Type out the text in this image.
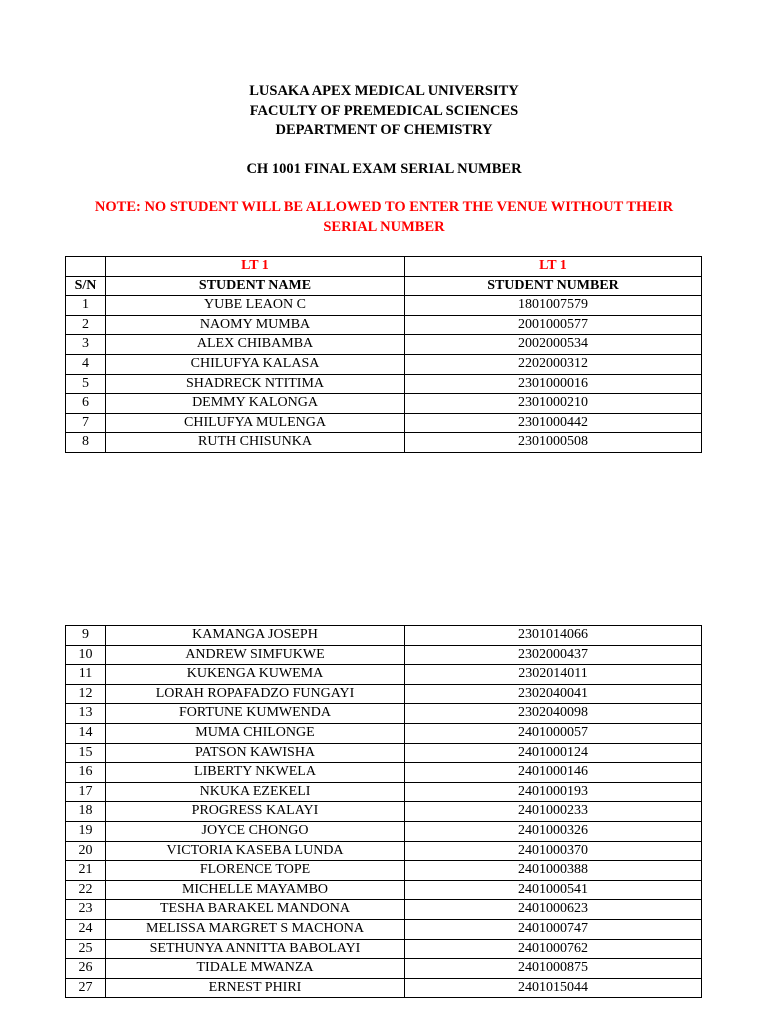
LUSAKA APEX MEDICAL UNIVERSITY
FACULTY OF PREMEDICAL SCIENCES
DEPARTMENT OF CHEMISTRY
CH 1001 FINAL EXAM SERIAL NUMBER
NOTE: NO STUDENT WILL BE ALLOWED TO ENTER THE VENUE WITHOUT THEIR
SERIAL NUMBER
	LT 1	LT 1
S/N	STUDENT NAME	STUDENT NUMBER
1	YUBE LEAON C	1801007579
2	NAOMY MUMBA	2001000577
3	ALEX CHIBAMBA	2002000534
4	CHILUFYA KALASA	2202000312
5	SHADRECK NTITIMA	2301000016
6	DEMMY KALONGA	2301000210
7	CHILUFYA MULENGA	2301000442
8	RUTH CHISUNKA	2301000508
9	KAMANGA JOSEPH	2301014066
10	ANDREW SIMFUKWE	2302000437
11	KUKENGA KUWEMA	2302014011
12	LORAH ROPAFADZO FUNGAYI	2302040041
13	FORTUNE KUMWENDA	2302040098
14	MUMA CHILONGE	2401000057
15	PATSON KAWISHA	2401000124
16	LIBERTY NKWELA	2401000146
17	NKUKA EZEKELI	2401000193
18	PROGRESS KALAYI	2401000233
19	JOYCE CHONGO	2401000326
20	VICTORIA KASEBA LUNDA	2401000370
21	FLORENCE TOPE	2401000388
22	MICHELLE MAYAMBO	2401000541
23	TESHA BARAKEL MANDONA	2401000623
24	MELISSA MARGRET S MACHONA	2401000747
25	SETHUNYA ANNITTA BABOLAYI	2401000762
26	TIDALE MWANZA	2401000875
27	ERNEST PHIRI	2401015044
